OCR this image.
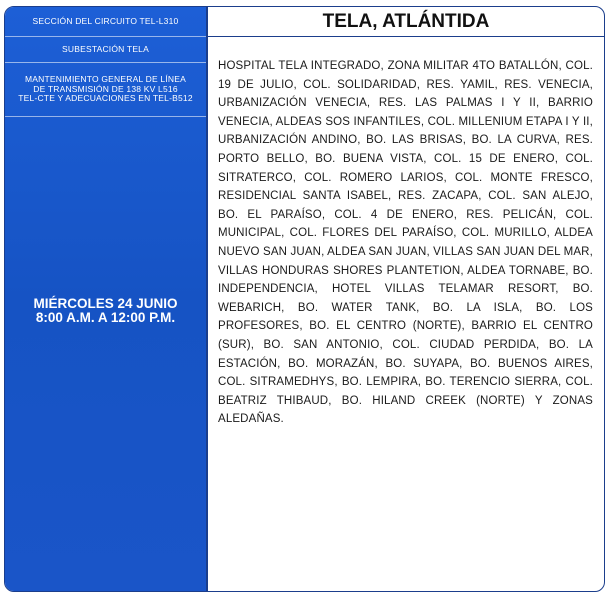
SECCIÓN DEL CIRCUITO TEL-L310
SUBESTACIÓN TELA
MANTENIMIENTO GENERAL DE LÍNEA
DE TRANSMISIÓN DE 138 KV L516
TEL-CTE Y ADECUACIONES EN TEL-B512
MIÉRCOLES 24 JUNIO
8:00 A.M. A 12:00 P.M.
TELA, ATLÁNTIDA
HOSPITAL TELA INTEGRADO, ZONA MILITAR 4TO BATALLÓN, COL. 19 DE JULIO, COL. SOLIDARIDAD, RES. YAMIL, RES. VENECIA, URBANIZACIÓN VENECIA, RES. LAS PALMAS I Y II, BARRIO VENECIA, ALDEAS SOS INFANTILES, COL. MILLENIUM ETAPA I Y II, URBANIZACIÓN ANDINO, BO. LAS BRISAS, BO. LA CURVA, RES. PORTO BELLO, BO. BUENA VISTA, COL. 15 DE ENERO, COL. SITRATERCO, COL. ROMERO LARIOS, COL. MONTE FRESCO, RESIDENCIAL SANTA ISABEL, RES. ZACAPA, COL. SAN ALEJO, BO. EL PARAÍSO, COL. 4 DE ENERO, RES. PELICÁN, COL. MUNICIPAL, COL. FLORES DEL PARAÍSO, COL. MURILLO, ALDEA NUEVO SAN JUAN, ALDEA SAN JUAN, VILLAS SAN JUAN DEL MAR, VILLAS HONDURAS SHORES PLANTETION, ALDEA TORNABE, BO. INDEPENDENCIA, HOTEL VILLAS TELAMAR RESORT, BO. WEBARICH, BO. WATER TANK, BO. LA ISLA, BO. LOS PROFESORES, BO. EL CENTRO (NORTE), BARRIO EL CENTRO (SUR), BO. SAN ANTONIO, COL. CIUDAD PERDIDA, BO. LA ESTACIÓN, BO. MORAZÁN, BO. SUYAPA, BO. BUENOS AIRES, COL. SITRAMEDHYS, BO. LEMPIRA, BO. TERENCIO SIERRA, COL. BEATRIZ THIBAUD, BO. HILAND CREEK (NORTE) Y ZONAS ALEDAÑAS.
